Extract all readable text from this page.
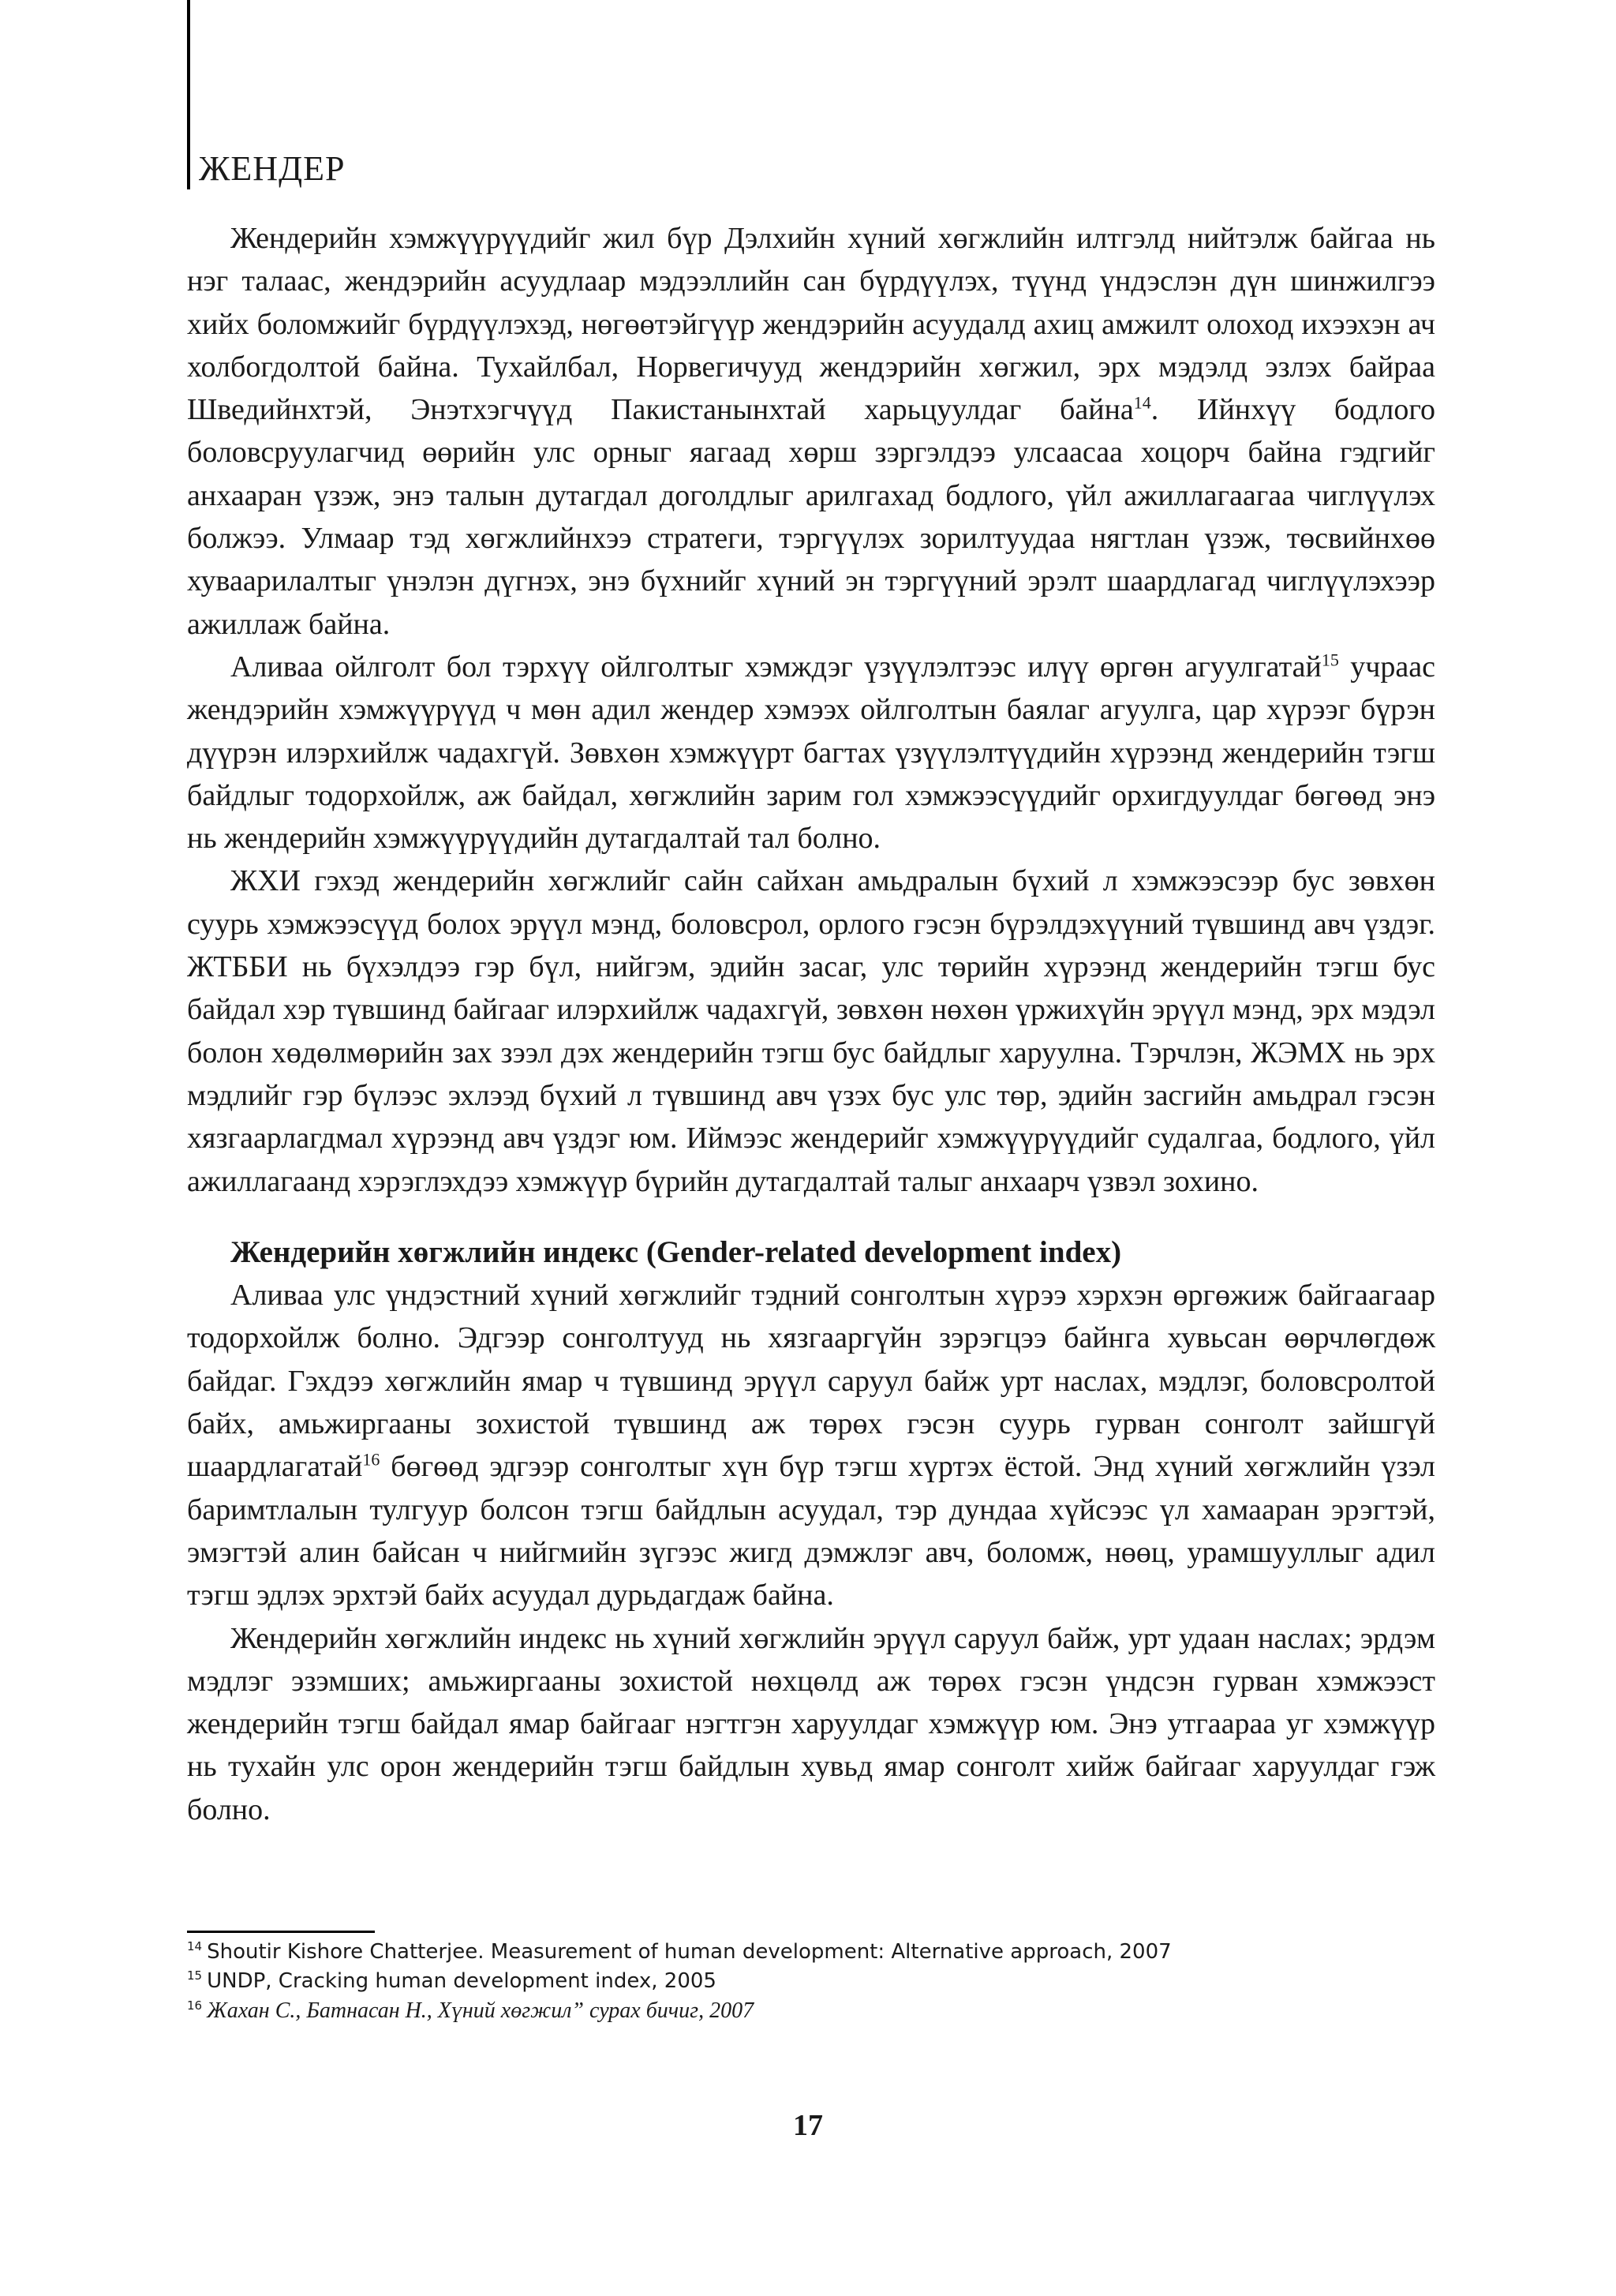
ЖЕНДЕР

Жендерийн хэмжүүрүүдийг жил бүр Дэлхийн хүний хөгжлийн илтгэлд нийтэлж байгаа нь нэг талаас, жендэрийн асуудлаар мэдээллийн сан бүрдүүлэх, түүнд үндэслэн дүн шинжилгээ хийх боломжийг бүрдүүлэхэд, нөгөөтэйгүүр жендэрийн асуудалд ахиц амжилт олоход ихээхэн ач холбогдолтой байна. Тухайлбал, Норвегичууд жендэрийн хөгжил, эрх мэдэлд эзлэх байраа Шведийнхтэй, Энэтхэгчүүд Пакистанынхтай харьцуулдаг байна$^{14}$. Ийнхүү бодлого боловсруулагчид өөрийн улс орныг яагаад хөрш зэргэлдээ улсаасаа хоцорч байна гэдгийг анхааран үзэж, энэ талын дутагдал доголдлыг арилгахад бодлого, үйл ажиллагаагаа чиглүүлэх болжээ. Улмаар тэд хөгжлийнхээ стратеги, тэргүүлэх зорилтуудаа нягтлан үзэж, төсвийнхөө хуваарилалтыг үнэлэн дүгнэх, энэ бүхнийг хүний эн тэргүүний эрэлт шаардлагад чиглүүлэхээр ажиллаж байна.

Аливаа ойлголт бол тэрхүү ойлголтыг хэмждэг үзүүлэлтээс илүү өргөн агуулгатай$^{15}$ учраас жендэрийн хэмжүүрүүд ч мөн адил жендер хэмээх ойлголтын баялаг агуулга, цар хүрээг бүрэн дүүрэн илэрхийлж чадахгүй. Зөвхөн хэмжүүрт багтах үзүүлэлтүүдийн хүрээнд жендерийн тэгш байдлыг тодорхойлж, аж байдал, хөгжлийн зарим гол хэмжээсүүдийг орхигдуулдаг бөгөөд энэ нь жендерийн хэмжүүрүүдийн дутагдалтай тал болно.

ЖХИ гэхэд жендерийн хөгжлийг сайн сайхан амьдралын бүхий л хэмжээсээр бус зөвхөн суурь хэмжээсүүд болох эрүүл мэнд, боловсрол, орлого гэсэн бүрэлдэхүүний түвшинд авч үздэг. ЖТББИ нь бүхэлдээ гэр бүл, нийгэм, эдийн засаг, улс төрийн хүрээнд жендерийн тэгш бус байдал хэр түвшинд байгааг илэрхийлж чадахгүй, зөвхөн нөхөн үржихүйн эрүүл мэнд, эрх мэдэл болон хөдөлмөрийн зах зээл дэх жендерийн тэгш бус байдлыг харуулна. Тэрчлэн, ЖЭМХ нь эрх мэдлийг гэр бүлээс эхлээд бүхий л түвшинд авч үзэх бус улс төр, эдийн засгийн амьдрал гэсэн хязгаарлагдмал хүрээнд авч үздэг юм. Иймээс жендерийг хэмжүүрүүдийг судалгаа, бодлого, үйл ажиллагаанд хэрэглэхдээ хэмжүүр бүрийн дутагдалтай талыг анхаарч үзвэл зохино.

Жендерийн хөгжлийн индекс (Gender-related development index)

Аливаа улс үндэстний хүний хөгжлийг тэдний сонголтын хүрээ хэрхэн өргөжиж байгаагаар тодорхойлж болно. Эдгээр сонголтууд нь хязгааргүйн зэрэгцээ байнга хувьсан өөрчлөгдөж байдаг. Гэхдээ хөгжлийн ямар ч түвшинд эрүүл саруул байж урт наслах, мэдлэг, боловсролтой байх, амьжиргааны зохистой түвшинд аж төрөх гэсэн суурь гурван сонголт зайшгүй шаардлагатай$^{16}$ бөгөөд эдгээр сонголтыг хүн бүр тэгш хүртэх ёстой. Энд хүний хөгжлийн үзэл баримтлалын тулгуур болсон тэгш байдлын асуудал, тэр дундаа хүйсээс үл хамааран эрэгтэй, эмэгтэй алин байсан ч нийгмийн зүгээс жигд дэмжлэг авч, боломж, нөөц, урамшууллыг адил тэгш эдлэх эрхтэй байх асуудал дурьдагдаж байна.

Жендерийн хөгжлийн индекс нь хүний хөгжлийн эрүүл саруул байж, урт удаан наслах; эрдэм мэдлэг эзэмших; амьжиргааны зохистой нөхцөлд аж төрөх гэсэн үндсэн гурван хэмжээст жендерийн тэгш байдал ямар байгааг нэгтгэн харуулдаг хэмжүүр юм. Энэ утгаараа уг хэмжүүр нь тухайн улс орон жендерийн тэгш байдлын хувьд ямар сонголт хийж байгааг харуулдаг гэж болно.

$^{14}$ Shoutir Kishore Chatterjee. Measurement of human development: Alternative approach, 2007
$^{15}$ UNDP, Cracking human development index, 2005
$^{16}$ Жахан С., Батнасан Н., Хүний хөгжил” сурах бичиг, 2007
17
